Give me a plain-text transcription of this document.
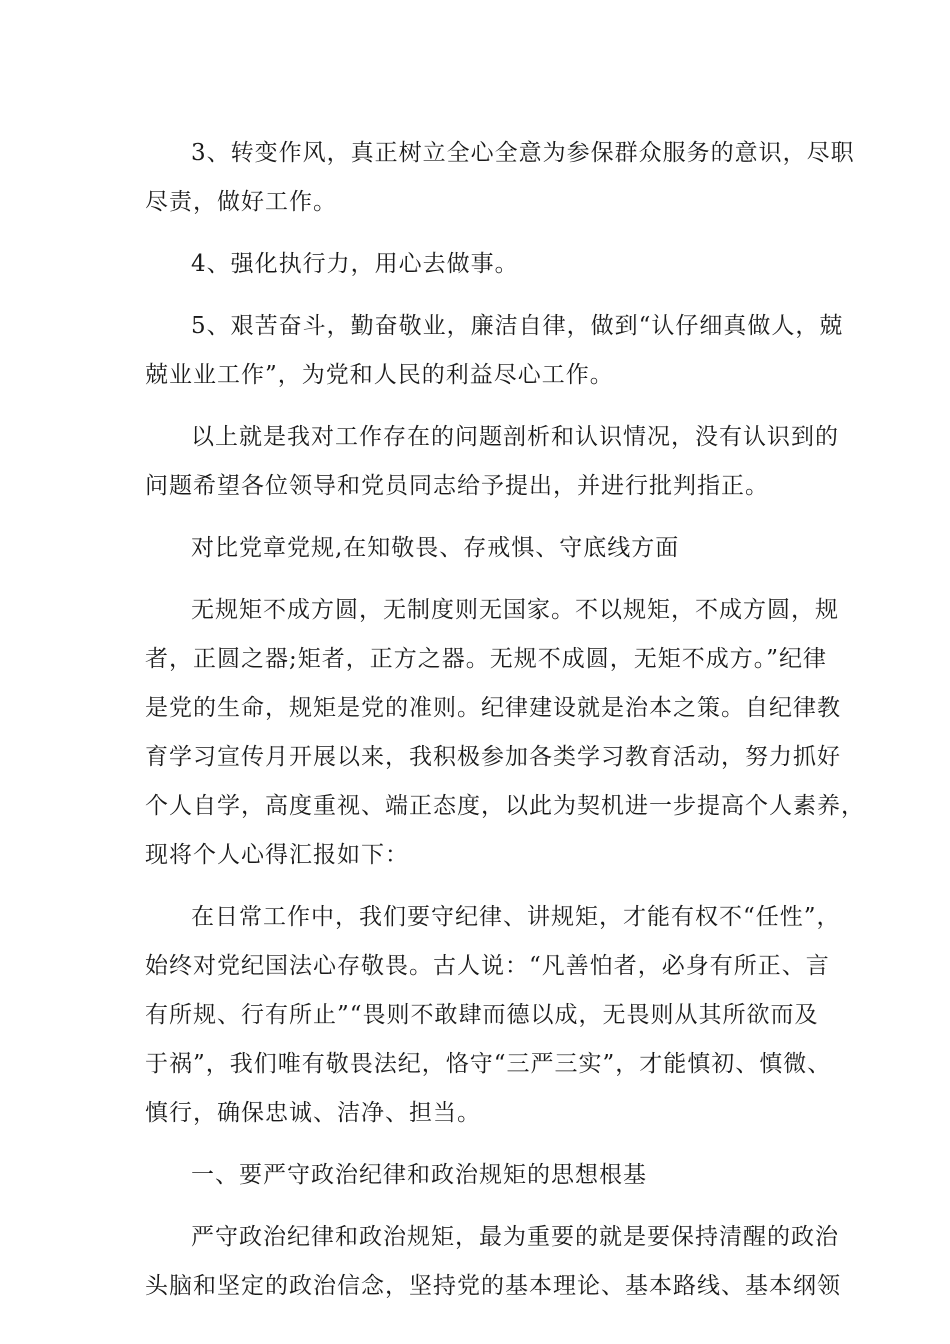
3、转变作风，真正树立全心全意为参保群众服务的意识，尽职
尽责，做好工作。
4、强化执行力，用心去做事。
5、艰苦奋斗，勤奋敬业，廉洁自律，做到“认仔细真做人，兢
兢业业工作”，为党和人民的利益尽心工作。
以上就是我对工作存在的问题剖析和认识情况，没有认识到的
问题希望各位领导和党员同志给予提出，并进行批判指正。
对比党章党规,在知敬畏、存戒惧、守底线方面
无规矩不成方圆，无制度则无国家。不以规矩，不成方圆，规
者，正圆之器;矩者，正方之器。无规不成圆，无矩不成方。”纪律
是党的生命，规矩是党的准则。纪律建设就是治本之策。自纪律教
育学习宣传月开展以来，我积极参加各类学习教育活动，努力抓好
个人自学，高度重视、端正态度，以此为契机进一步提高个人素养，
现将个人心得汇报如下：
在日常工作中，我们要守纪律、讲规矩，才能有权不“任性”，
始终对党纪国法心存敬畏。古人说：“凡善怕者，必身有所正、言
有所规、行有所止”“畏则不敢肆而德以成，无畏则从其所欲而及
于祸”，我们唯有敬畏法纪，恪守“三严三实”，才能慎初、慎微、
慎行，确保忠诚、洁净、担当。
一、要严守政治纪律和政治规矩的思想根基
严守政治纪律和政治规矩，最为重要的就是要保持清醒的政治
头脑和坚定的政治信念，坚持党的基本理论、基本路线、基本纲领
